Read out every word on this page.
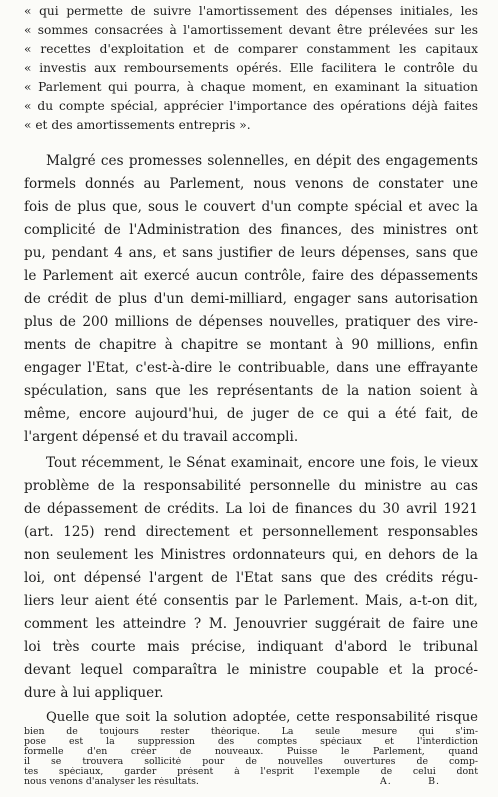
« qui permette de suivre l'amortissement des dépenses initiales, les
« sommes consacrées à l'amortissement devant être prélevées sur les
« recettes d'exploitation et de comparer constamment les capitaux
« investis aux remboursements opérés. Elle facilitera le contrôle du
« Parlement qui pourra, à chaque moment, en examinant la situation
« du compte spécial, apprécier l'importance des opérations déjà faites
« et des amortissements entrepris ».
Malgré ces promesses solennelles, en dépit des engagements
formels donnés au Parlement, nous venons de constater une
fois de plus que, sous le couvert d'un compte spécial et avec la
complicité de l'Administration des finances, des ministres ont
pu, pendant 4 ans, et sans justifier de leurs dépenses, sans que
le Parlement ait exercé aucun contrôle, faire des dépassements
de crédit de plus d'un demi-milliard, engager sans autorisation
plus de 200 millions de dépenses nouvelles, pratiquer des vire-
ments de chapitre à chapitre se montant à 90 millions, enfin
engager l'Etat, c'est-à-dire le contribuable, dans une effrayante
spéculation, sans que les représentants de la nation soient à
même, encore aujourd'hui, de juger de ce qui a été fait, de
l'argent dépensé et du travail accompli.
Tout récemment, le Sénat examinait, encore une fois, le vieux
problème de la responsabilité personnelle du ministre au cas
de dépassement de crédits. La loi de finances du 30 avril 1921
(art. 125) rend directement et personnellement responsables
non seulement les Ministres ordonnateurs qui, en dehors de la
loi, ont dépensé l'argent de l'Etat sans que des crédits régu-
liers leur aient été consentis par le Parlement. Mais, a-t-on dit,
comment les atteindre ? M. Jenouvrier suggérait de faire une
loi très courte mais précise, indiquant d'abord le tribunal
devant lequel comparaîtra le ministre coupable et la procé-
dure à lui appliquer.
Quelle que soit la solution adoptée, cette responsabilité risque
bien de toujours rester théorique. La seule mesure qui s'im-
pose est la suppression des comptes spéciaux et l'interdiction
formelle d'en créer de nouveaux. Puisse le Parlement, quand
il se trouvera sollicité pour de nouvelles ouvertures de comp-
tes spéciaux, garder présent à l'esprit l'exemple de celui dont
nous venons d'analyser les résultats.	A. B.
